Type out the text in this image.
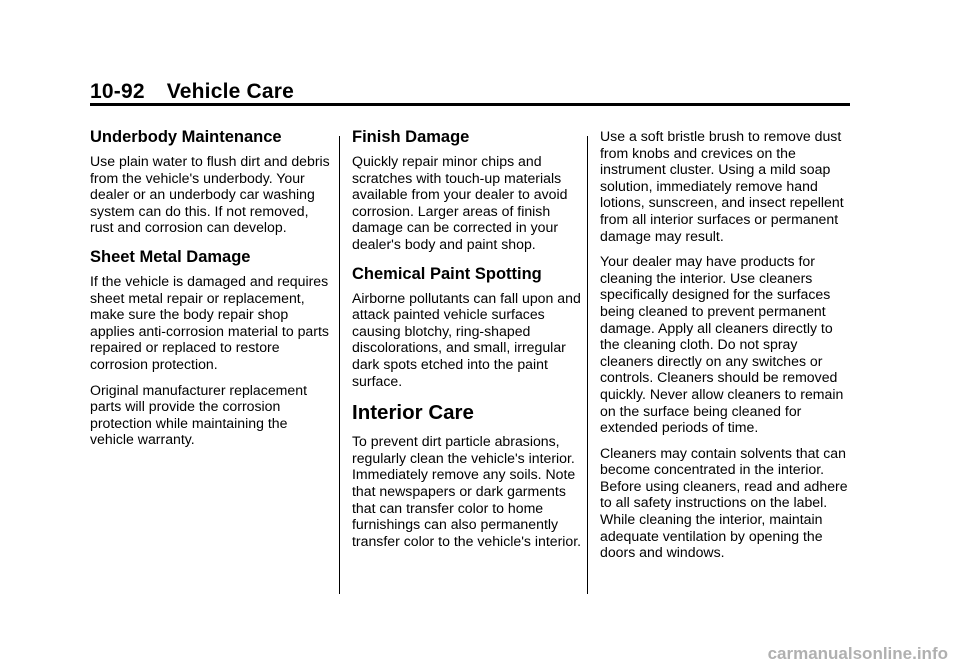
10-92 Vehicle Care
Underbody Maintenance

Use plain water to flush dirt and debris from the vehicle's underbody. Your dealer or an underbody car washing system can do this. If not removed, rust and corrosion can develop.

Sheet Metal Damage

If the vehicle is damaged and requires sheet metal repair or replacement, make sure the body repair shop applies anti-corrosion material to parts repaired or replaced to restore corrosion protection.

Original manufacturer replacement parts will provide the corrosion protection while maintaining the vehicle warranty.

Finish Damage

Quickly repair minor chips and scratches with touch-up materials available from your dealer to avoid corrosion. Larger areas of finish damage can be corrected in your dealer's body and paint shop.

Chemical Paint Spotting

Airborne pollutants can fall upon and attack painted vehicle surfaces causing blotchy, ring-shaped discolorations, and small, irregular dark spots etched into the paint surface.

Interior Care

To prevent dirt particle abrasions, regularly clean the vehicle's interior. Immediately remove any soils. Note that newspapers or dark garments that can transfer color to home furnishings can also permanently transfer color to the vehicle's interior.

Use a soft bristle brush to remove dust from knobs and crevices on the instrument cluster. Using a mild soap solution, immediately remove hand lotions, sunscreen, and insect repellent from all interior surfaces or permanent damage may result.

Your dealer may have products for cleaning the interior. Use cleaners specifically designed for the surfaces being cleaned to prevent permanent damage. Apply all cleaners directly to the cleaning cloth. Do not spray cleaners directly on any switches or controls. Cleaners should be removed quickly. Never allow cleaners to remain on the surface being cleaned for extended periods of time.

Cleaners may contain solvents that can become concentrated in the interior. Before using cleaners, read and adhere to all safety instructions on the label. While cleaning the interior, maintain adequate ventilation by opening the doors and windows.

carmanualsonline.info
